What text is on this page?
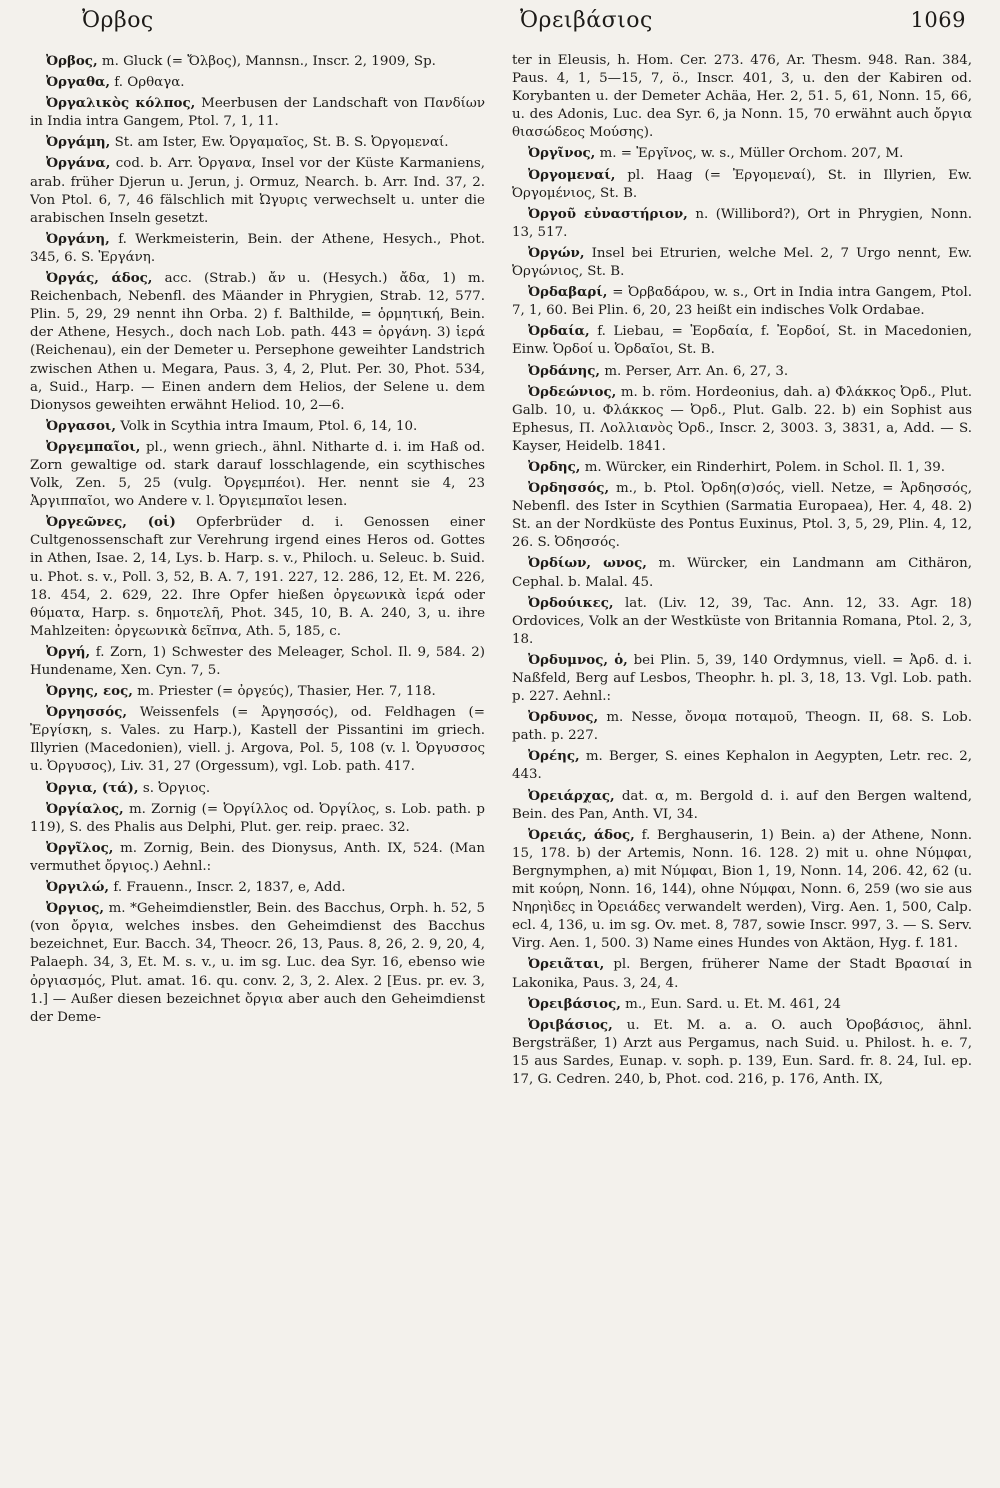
Ὀρβος	Ὀρειβάσιος	1069

Ὀρβος, m. Gluck (= Ὄλβος), Mannsn., Inscr. 2, 1909, Sp.

Ὀργαθα, f. Ορθαγα.

Ὀργαλικὸς κόλπος, Meerbusen der Landschaft von Πανδίων in India intra Gangem, Ptol. 7, 1, 11.

Ὀργάμη, St. am Ister, Ew. Ὀργαμαῖος, St. B. S. Ὀργομεναί.

Ὀργάνα, cod. b. Arr. Ὀργανα, Insel vor der Küste Karmaniens, arab. früher Djerun u. Jerun, j. Ormuz, Nearch. b. Arr. Ind. 37, 2. Von Ptol. 6, 7, 46 fälschlich mit Ὠγυρις verwechselt u. unter die arabischen Inseln gesetzt.

Ὀργάνη, f. Werkmeisterin, Bein. der Athene, Hesych., Phot. 345, 6. S. Ἐργάνη.

Ὀργάς, άδος, acc. (Strab.) ἄν u. (Hesych.) ἄδα, 1) m. Reichenbach, Nebenfl. des Mäander in Phrygien, Strab. 12, 577. Plin. 5, 29, 29 nennt ihn Orba. 2) f. Balthilde, = ὁρμητική, Bein. der Athene, Hesych., doch nach Lob. path. 443 = ὀργάνη. 3) ἱερά (Reichenau), ein der Demeter u. Persephone geweihter Landstrich zwischen Athen u. Megara, Paus. 3, 4, 2, Plut. Per. 30, Phot. 534, a, Suid., Harp. — Einen andern dem Helios, der Selene u. dem Dionysos geweihten erwähnt Heliod. 10, 2—6.

Ὀργασοι, Volk in Scythia intra Imaum, Ptol. 6, 14, 10.

Ὀργεμπαῖοι, pl., wenn griech., ähnl. Nitharte d. i. im Haß od. Zorn gewaltige od. stark darauf losschlagende, ein scythisches Volk, Zen. 5, 25 (vulg. Ὀργεμπέοι). Her. nennt sie 4, 23 Ἀργιππαῖοι, wo Andere v. l. Ὀργιεμπαῖοι lesen.

Ὀργεῶνες, (οἱ) Opferbrüder d. i. Genossen einer Cultgenossenschaft zur Verehrung irgend eines Heros od. Gottes in Athen, Isae. 2, 14, Lys. b. Harp. s. v., Philoch. u. Seleuc. b. Suid. u. Phot. s. v., Poll. 3, 52, B. A. 7, 191. 227, 12. 286, 12, Et. M. 226, 18. 454, 2. 629, 22. Ihre Opfer hießen ὀργεωνικὰ ἱερά oder θύματα, Harp. s. δημοτελῆ, Phot. 345, 10, B. A. 240, 3, u. ihre Mahlzeiten: ὀργεωνικὰ δεῖπνα, Ath. 5, 185, c.

Ὀργή, f. Zorn, 1) Schwester des Meleager, Schol. Il. 9, 584. 2) Hundename, Xen. Cyn. 7, 5.

Ὀργης, εος, m. Priester (= ὀργεύς), Thasier, Her. 7, 118.

Ὀργησσός, Weissenfels (= Ἀργησσός), od. Feldhagen (= Ἐργίσκη, s. Vales. zu Harp.), Kastell der Pissantini im griech. Illyrien (Macedonien), viell. j. Argova, Pol. 5, 108 (v. l. Ὀργυσσος u. Ὀργυσος), Liv. 31, 27 (Orgessum), vgl. Lob. path. 417.

Ὀργια, (τά), s. Ὀργιος.

Ὀργίαλος, m. Zornig (= Ὀργίλλος od. Ὀργίλος, s. Lob. path. p 119), S. des Phalis aus Delphi, Plut. ger. reip. praec. 32.

Ὀργῖλος, m. Zornig, Bein. des Dionysus, Anth. IX, 524. (Man vermuthet ὄργιος.) Aehnl.:

Ὀργιλώ, f. Frauenn., Inscr. 2, 1837, e, Add.

Ὀργιος, m. *Geheimdienstler, Bein. des Bacchus, Orph. h. 52, 5 (von ὄργια, welches insbes. den Geheimdienst des Bacchus bezeichnet, Eur. Bacch. 34, Theocr. 26, 13, Paus. 8, 26, 2. 9, 20, 4, Palaeph. 34, 3, Et. M. s. v., u. im sg. Luc. dea Syr. 16, ebenso wie ὀργιασμός, Plut. amat. 16. qu. conv. 2, 3, 2. Alex. 2 [Eus. pr. ev. 3, 1.] — Außer diesen bezeichnet ὄργια aber auch den Geheimdienst der Deme-

ter in Eleusis, h. Hom. Cer. 273. 476, Ar. Thesm. 948. Ran. 384, Paus. 4, 1, 5—15, 7, ö., Inscr. 401, 3, u. den der Kabiren od. Korybanten u. der Demeter Achäa, Her. 2, 51. 5, 61, Nonn. 15, 66, u. des Adonis, Luc. dea Syr. 6, ja Nonn. 15, 70 erwähnt auch ὄργια θιασώδεος Μούσης).

Ὀργῖνος, m. = Ἐργῖνος, w. s., Müller Orchom. 207, M.

Ὀργομεναί, pl. Haag (= Ἐργομεναί), St. in Illyrien, Ew. Ὀργομένιος, St. B.

Ὀργοῦ εὐναστήριον, n. (Willibord?), Ort in Phrygien, Nonn. 13, 517.

Ὀργών, Insel bei Etrurien, welche Mel. 2, 7 Urgo nennt, Ew. Ὀργώνιος, St. B.

Ὀρδαβαρί, = Ὀρβαδάρου, w. s., Ort in India intra Gangem, Ptol. 7, 1, 60. Bei Plin. 6, 20, 23 heißt ein indisches Volk Ordabae.

Ὀρδαία, f. Liebau, = Ἐορδαία, f. Ἐορδοί, St. in Macedonien, Einw. Ὀρδοί u. Ὀρδαῖοι, St. B.

Ὀρδάνης, m. Perser, Arr. An. 6, 27, 3.

Ὀρδεώνιος, m. b. röm. Hordeonius, dah. a) Φλάκκος Ὀρδ., Plut. Galb. 10, u. Φλάκκος — Ὀρδ., Plut. Galb. 22. b) ein Sophist aus Ephesus, Π. Λολλιανὸς Ὀρδ., Inscr. 2, 3003. 3, 3831, a, Add. — S. Kayser, Heidelb. 1841.

Ὀρδης, m. Würcker, ein Rinderhirt, Polem. in Schol. Il. 1, 39.

Ὀρδησσός, m., b. Ptol. Ὀρδη(σ)σός, viell. Netze, = Ἀρδησσός, Nebenfl. des Ister in Scythien (Sarmatia Europaea), Her. 4, 48. 2) St. an der Nordküste des Pontus Euxinus, Ptol. 3, 5, 29, Plin. 4, 12, 26. S. Ὀδησσός.

Ὀρδίων, ωνος, m. Würcker, ein Landmann am Cithäron, Cephal. b. Malal. 45.

Ὀρδούικες, lat. (Liv. 12, 39, Tac. Ann. 12, 33. Agr. 18) Ordovices, Volk an der Westküste von Britannia Romana, Ptol. 2, 3, 18.

Ὀρδυμνος, ὁ, bei Plin. 5, 39, 140 Ordymnus, viell. = Ἀρδ. d. i. Naßfeld, Berg auf Lesbos, Theophr. h. pl. 3, 18, 13. Vgl. Lob. path. p. 227. Aehnl.:

Ὀρδυνος, m. Nesse, ὄνομα ποταμοῦ, Theogn. II, 68. S. Lob. path. p. 227.

Ὀρέης, m. Berger, S. eines Kephalon in Aegypten, Letr. rec. 2, 443.

Ὀρειάρχας, dat. α, m. Bergold d. i. auf den Bergen waltend, Bein. des Pan, Anth. VI, 34.

Ὀρειάς, άδος, f. Berghauserin, 1) Bein. a) der Athene, Nonn. 15, 178. b) der Artemis, Nonn. 16. 128. 2) mit u. ohne Νύμφαι, Bergnymphen, a) mit Νύμφαι, Bion 1, 19, Nonn. 14, 206. 42, 62 (u. mit κούρη, Nonn. 16, 144), ohne Νύμφαι, Nonn. 6, 259 (wo sie aus Νηρηὶδες in Ὀρειάδες verwandelt werden), Virg. Aen. 1, 500, Calp. ecl. 4, 136, u. im sg. Ov. met. 8, 787, sowie Inscr. 997, 3. — S. Serv. Virg. Aen. 1, 500. 3) Name eines Hundes von Aktäon, Hyg. f. 181.

Ὀρειᾶται, pl. Bergen, früherer Name der Stadt Βρασιαί in Lakonika, Paus. 3, 24, 4.

Ὀρειβάσιος, m., Eun. Sard. u. Et. M. 461, 24

Ὀριβάσιος, u. Et. M. a. a. O. auch Ὀροβάσιος, ähnl. Bergsträßer, 1) Arzt aus Pergamus, nach Suid. u. Philost. h. e. 7, 15 aus Sardes, Eunap. v. soph. p. 139, Eun. Sard. fr. 8. 24, Iul. ep. 17, G. Cedren. 240, b, Phot. cod. 216, p. 176, Anth. IX,
